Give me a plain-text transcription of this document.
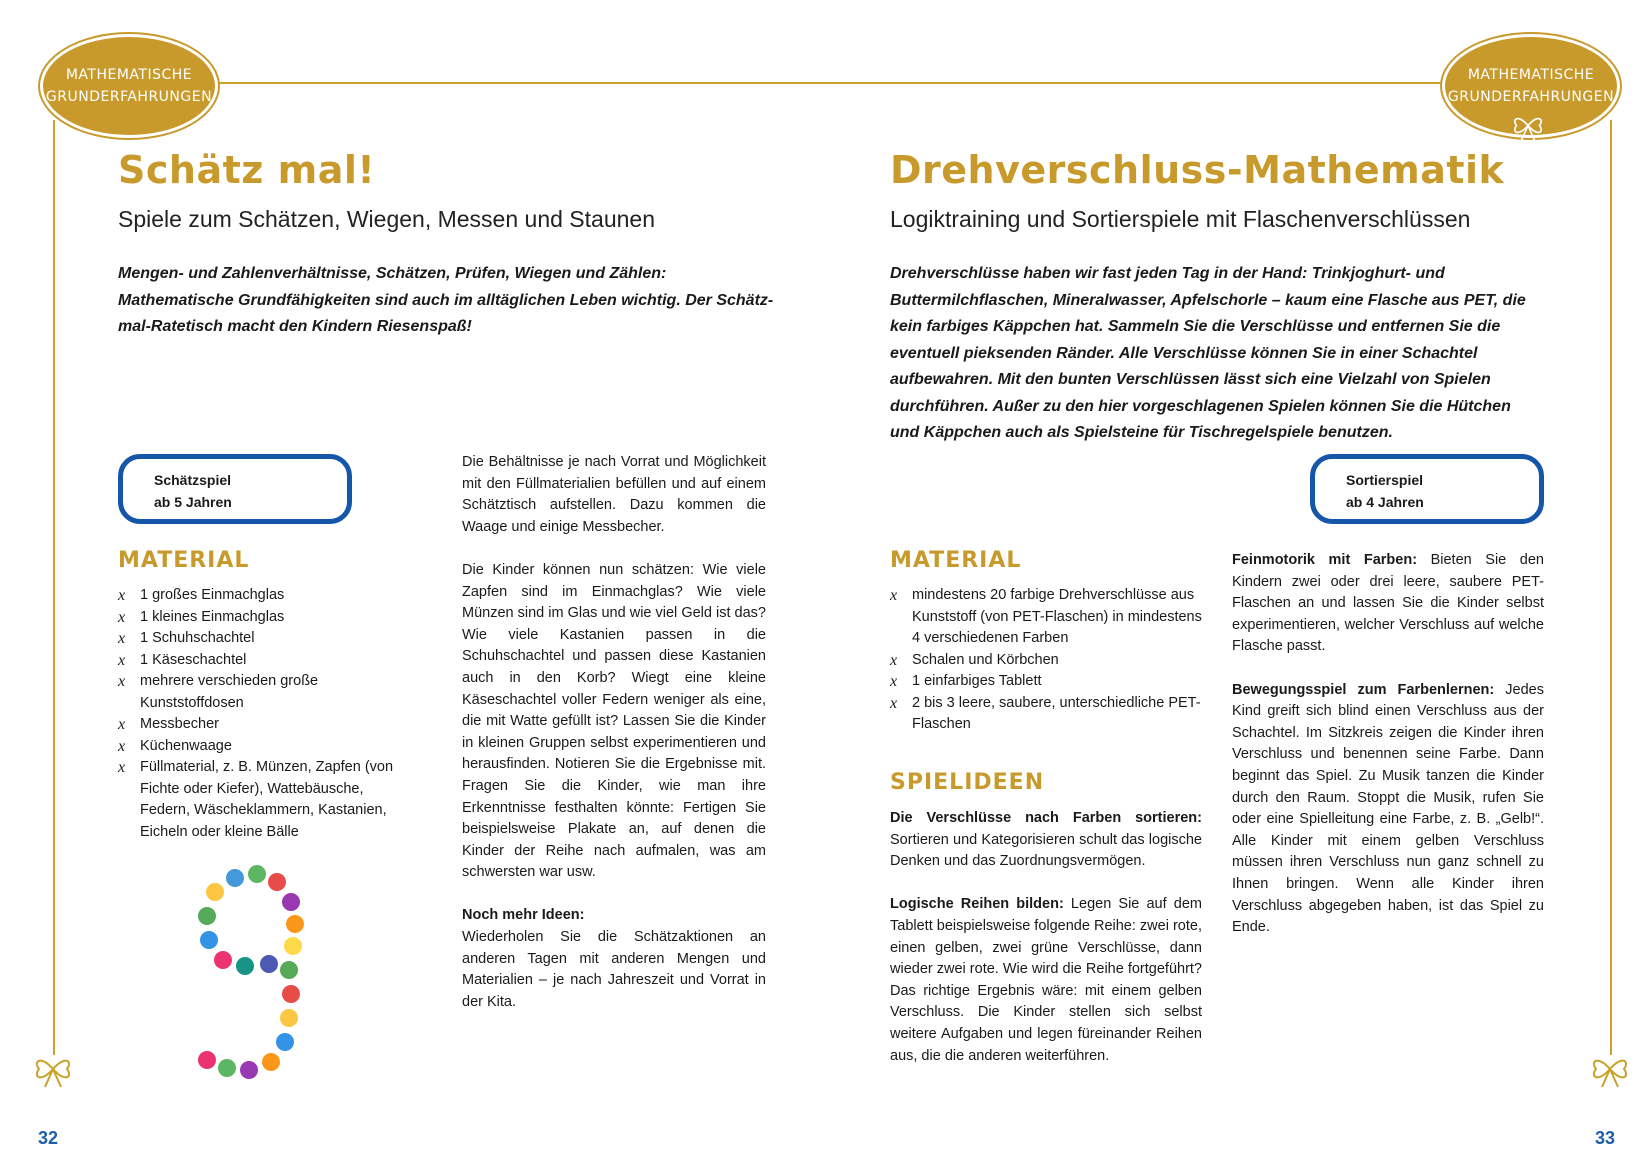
MATHEMATISCHE
GRUNDERFAHRUNGEN
MATHEMATISCHE
GRUNDERFAHRUNGEN
32	33
Schätz mal!
Spiele zum Schätzen, Wiegen, Messen und Staunen
Mengen- und Zahlenverhältnisse, Schätzen, Prüfen, Wiegen und Zählen: Mathematische Grundfähigkeiten sind auch im alltäglichen Leben wichtig. Der Schätz-mal-Ratetisch macht den Kindern Riesenspaß!
Schätzspiel
ab 5 Jahren
MATERIAL
x 1 großes Einmachglas
x 1 kleines Einmachglas
x 1 Schuhschachtel
x 1 Käseschachtel
x mehrere verschieden große Kunststoffdosen
x Messbecher
x Küchenwaage
x Füllmaterial, z. B. Münzen, Zapfen (von Fichte oder Kiefer), Wattebäusche, Federn, Wäscheklammern, Kastanien, Eicheln oder kleine Bälle

Die Behältnisse je nach Vorrat und Möglichkeit mit den Füllmaterialien befüllen und auf einem Schätztisch aufstellen. Dazu kommen die Waage und einige Messbecher.

Die Kinder können nun schätzen: Wie viele Zapfen sind im Einmachglas? Wie viele Münzen sind im Glas und wie viel Geld ist das? Wie viele Kastanien passen in die Schuhschachtel und passen diese Kastanien auch in den Korb? Wiegt eine kleine Käseschachtel voller Federn weniger als eine, die mit Watte gefüllt ist? Lassen Sie die Kinder in kleinen Gruppen selbst experimentieren und herausfinden. Notieren Sie die Ergebnisse mit. Fragen Sie die Kinder, wie man ihre Erkenntnisse festhalten könnte: Fertigen Sie beispielsweise Plakate an, auf denen die Kinder der Reihe nach aufmalen, was am schwersten war usw.

Noch mehr Ideen:
Wiederholen Sie die Schätzaktionen an anderen Tagen mit anderen Mengen und Materialien – je nach Jahreszeit und Vorrat in der Kita.
Drehverschluss-Mathematik
Logiktraining und Sortierspiele mit Flaschenverschlüssen
Drehverschlüsse haben wir fast jeden Tag in der Hand: Trinkjoghurt- und Buttermilchflaschen, Mineralwasser, Apfelschorle – kaum eine Flasche aus PET, die kein farbiges Käppchen hat. Sammeln Sie die Verschlüsse und entfernen Sie die eventuell pieksenden Ränder. Alle Verschlüsse können Sie in einer Schachtel aufbewahren. Mit den bunten Verschlüssen lässt sich eine Vielzahl von Spielen durchführen. Außer zu den hier vorgeschlagenen Spielen können Sie die Hütchen und Käppchen auch als Spielsteine für Tischregelspiele benutzen.
Sortierspiel
ab 4 Jahren
MATERIAL
x mindestens 20 farbige Drehverschlüsse aus Kunststoff (von PET-Flaschen) in mindestens 4 verschiedenen Farben
x Schalen und Körbchen
x 1 einfarbiges Tablett
x 2 bis 3 leere, saubere, unterschiedliche PET-Flaschen
SPIELIDEEN

Die Verschlüsse nach Farben sortieren: Sortieren und Kategorisieren schult das logische Denken und das Zuordnungsvermögen.

Logische Reihen bilden: Legen Sie auf dem Tablett beispielsweise folgende Reihe: zwei rote, einen gelben, zwei grüne Verschlüsse, dann wieder zwei rote. Wie wird die Reihe fortgeführt? Das richtige Ergebnis wäre: mit einem gelben Verschluss. Die Kinder stellen sich selbst weitere Aufgaben und legen füreinander Reihen aus, die die anderen weiterführen.

Feinmotorik mit Farben: Bieten Sie den Kindern zwei oder drei leere, saubere PET-Flaschen an und lassen Sie die Kinder selbst experimentieren, welcher Verschluss auf welche Flasche passt.

Bewegungsspiel zum Farbenlernen: Jedes Kind greift sich blind einen Verschluss aus der Schachtel. Im Sitzkreis zeigen die Kinder ihren Verschluss und benennen seine Farbe. Dann beginnt das Spiel. Zu Musik tanzen die Kinder durch den Raum. Stoppt die Musik, rufen Sie oder eine Spielleitung eine Farbe, z. B. „Gelb!“. Alle Kinder mit einem gelben Verschluss müssen ihren Verschluss nun ganz schnell zu Ihnen bringen. Wenn alle Kinder ihren Verschluss abgegeben haben, ist das Spiel zu Ende.
